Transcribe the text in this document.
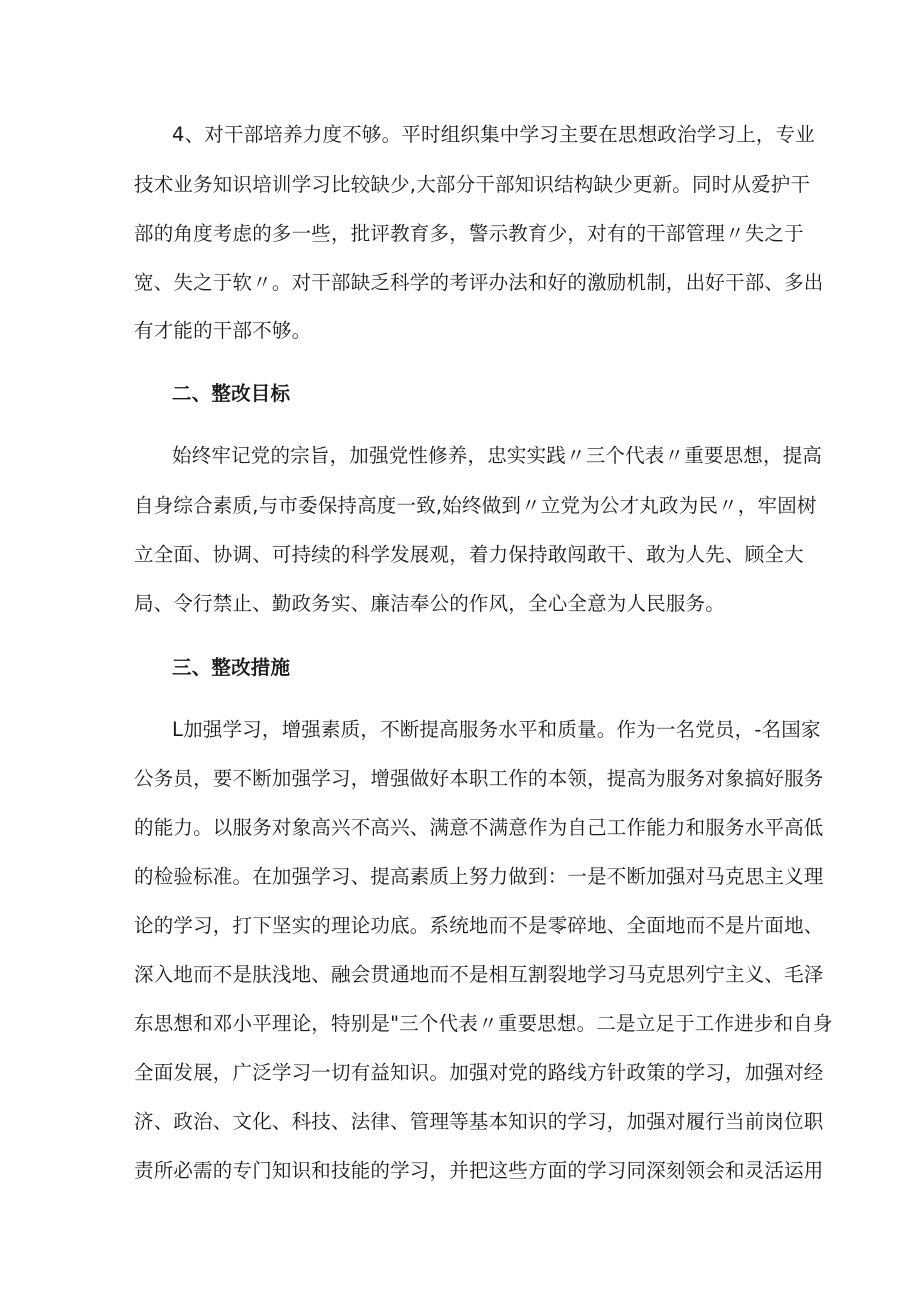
4、对干部培养力度不够。平时组织集中学习主要在思想政治学习上，专业
技术业务知识培训学习比较缺少,大部分干部知识结构缺少更新。同时从爱护干
部的角度考虑的多一些，批评教育多，警示教育少，对有的干部管理〃失之于
宽、失之于软〃。对干部缺乏科学的考评办法和好的激励机制，出好干部、多出
有才能的干部不够。
二、整改目标
始终牢记党的宗旨，加强党性修养，忠实实践〃三个代表〃重要思想，提高
自身综合素质,与市委保持高度一致,始终做到〃立党为公才丸政为民〃，牢固树
立全面、协调、可持续的科学发展观，着力保持敢闯敢干、敢为人先、顾全大
局、令行禁止、勤政务实、廉洁奉公的作风，全心全意为人民服务。
三、整改措施
L加强学习，增强素质，不断提高服务水平和质量。作为一名党员，-名国家
公务员，要不断加强学习，增强做好本职工作的本领，提高为服务对象搞好服务
的能力。以服务对象高兴不高兴、满意不满意作为自己工作能力和服务水平高低
的检验标准。在加强学习、提高素质上努力做到：一是不断加强对马克思主义理
论的学习，打下坚实的理论功底。系统地而不是零碎地、全面地而不是片面地、
深入地而不是肤浅地、融会贯通地而不是相互割裂地学习马克思列宁主义、毛泽
东思想和邓小平理论，特别是"三个代表〃重要思想。二是立足于工作进步和自身
全面发展，广泛学习一切有益知识。加强对党的路线方针政策的学习，加强对经
济、政治、文化、科技、法律、管理等基本知识的学习，加强对履行当前岗位职
责所必需的专门知识和技能的学习，并把这些方面的学习同深刻领会和灵活运用
